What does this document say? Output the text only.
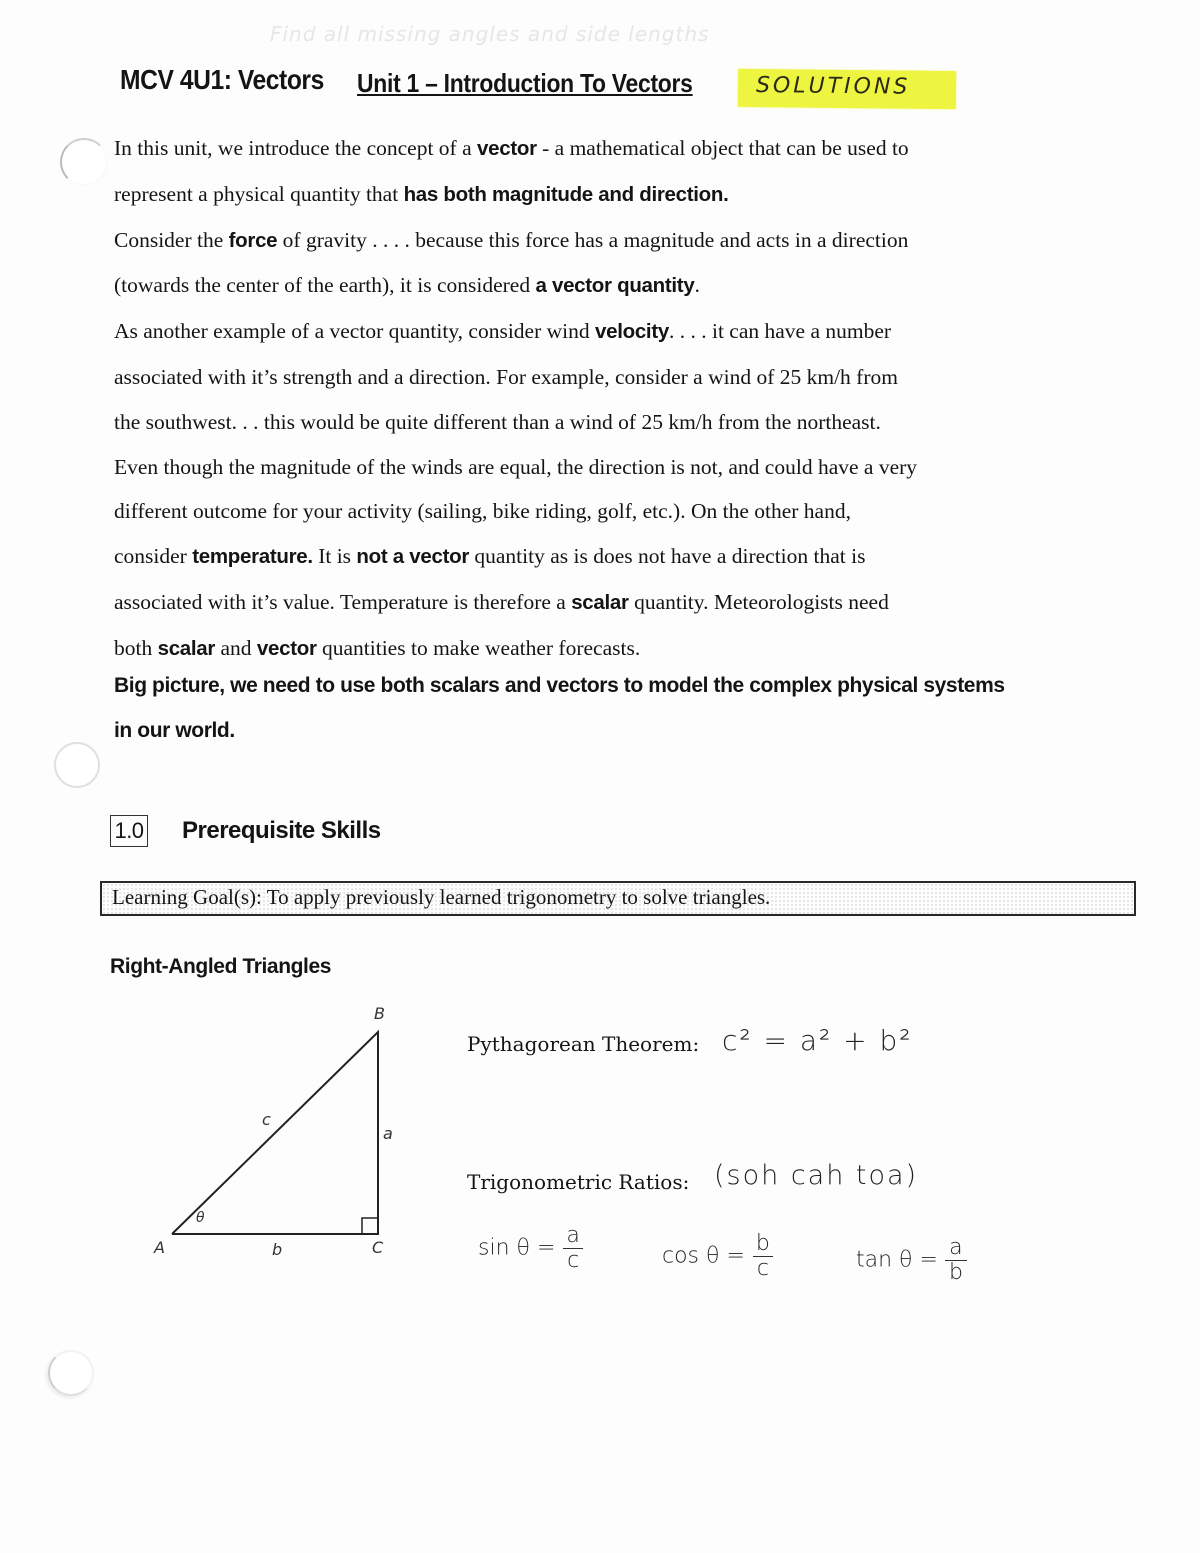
Find all missing angles and side lengths
MCV 4U1: Vectors Unit 1 – Introduction To Vectors	SOLUTIONS

In this unit, we introduce the concept of a vector - a mathematical object that can be used to

represent a physical quantity that has both magnitude and direction.

Consider the force of gravity . . . . because this force has a magnitude and acts in a direction

(towards the center of the earth), it is considered a vector quantity.

As another example of a vector quantity, consider wind velocity. . . . it can have a number

associated with it’s strength and a direction. For example, consider a wind of 25 km/h from

the southwest. . . this would be quite different than a wind of 25 km/h from the northeast.

Even though the magnitude of the winds are equal, the direction is not, and could have a very

different outcome for your activity (sailing, bike riding, golf, etc.). On the other hand,

consider temperature. It is not a vector quantity as is does not have a direction that is

associated with it’s value. Temperature is therefore a scalar quantity. Meteorologists need

both scalar and vector quantities to make weather forecasts.

Big picture, we need to use both scalars and vectors to model the complex physical systems

in our world.

1.0 Prerequisite Skills
Learning Goal(s): To apply previously learned trigonometry to solve triangles.
Right-Angled Triangles
B
A	C
c
a
b
θ
Pythagorean Theorem: c² = a² + b²
Trigonometric Ratios: (soh cah toa)
$\sin \theta = \frac{a}{c}$	$\cos \theta = \frac{b}{c}$	$\tan \theta = \frac{a}{b}$
